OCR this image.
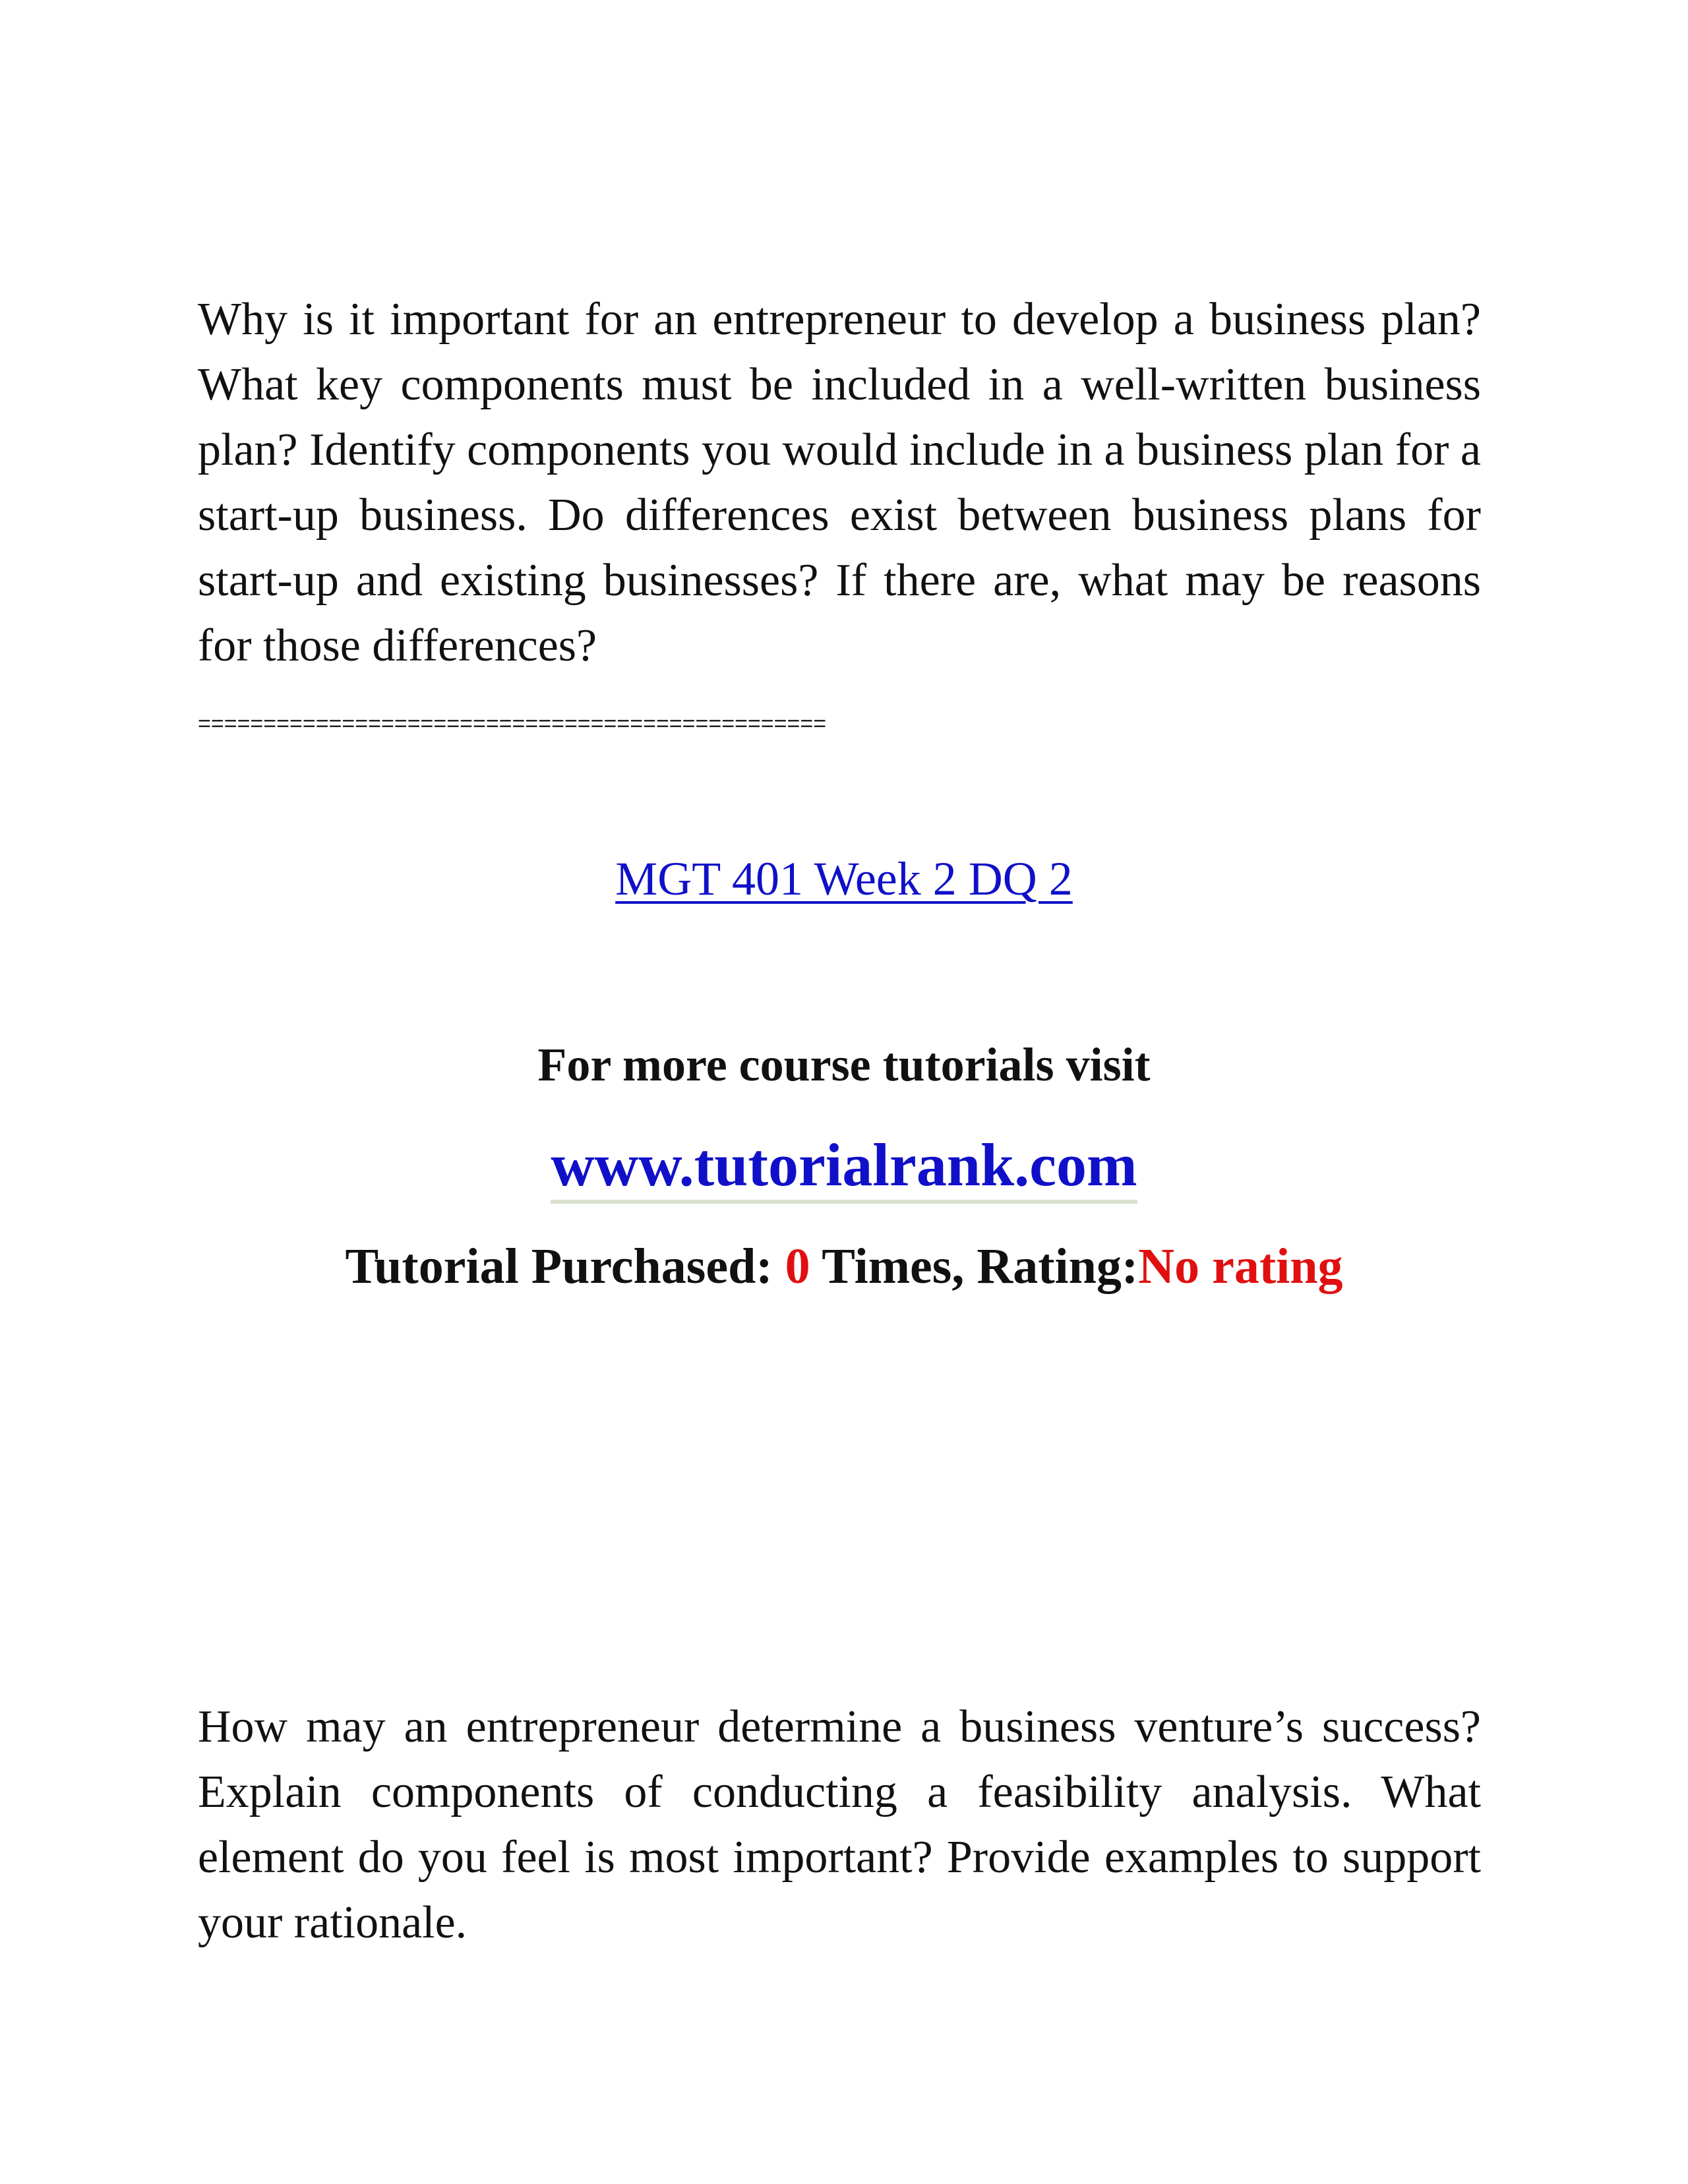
Why is it important for an entrepreneur to develop a business plan? What key components must be included in a well-written business plan? Identify components you would include in a business plan for a start-up business. Do differences exist between business plans for start-up and existing businesses? If there are, what may be reasons for those differences?

================================================

MGT 401 Week 2 DQ 2

For more course tutorials visit

www.tutorialrank.com

Tutorial Purchased: 0 Times, Rating:No rating

How may an entrepreneur determine a business venture’s success? Explain components of conducting a feasibility analysis. What element do you feel is most important? Provide examples to support your rationale.
